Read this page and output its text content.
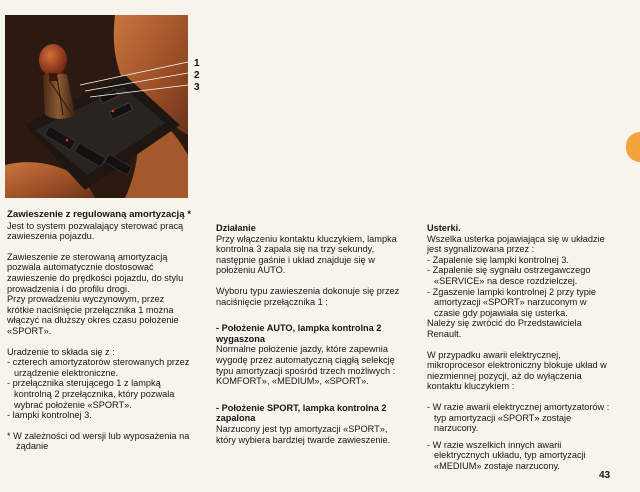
1
2
3

Zawieszenie z regulowaną amortyzacją *

Jest to system pozwalający sterować pracą zawieszenia pojazdu.

Zawieszenie ze sterowaną amortyzacją

pozwala automatycznie dostosować

zawieszenie do prędkości pojazdu, do stylu

prowadzenia i do profilu drogi.

Przy prowadzeniu wyczynowym, przez

krótkie naciśnięcie przełącznika 1 można

włączyć na dłuższy okres czasu położenie

«SPORT».

Uradzenie to składa się z :

- czterech amortyzatorów sterowanych przez urządzenie elektroniczne.

- przełącznika sterującego 1 z lampką kontrolną 2 przełącznika, który pozwala wybrać położenie «SPORT».

- lampki kontrolnej 3.

* W zależności od wersji lub wyposażenia na żądanie

Działanie

Przy włączeniu kontaktu kluczykiem, lampka kontrolna 3 zapala się na trzy sekundy, następnie gaśnie i układ znajduje się w położeniu AUTO.

Wyboru typu zawieszenia dokonuje się przez naciśnięcie przełącznika 1 :

- Położenie AUTO, lampka kontrolna 2 wygaszona

Normalne położenie jazdy, które zapewnia wygodę przez automatyczną ciągłą selekcję typu amortyzacji spośród trzech możliwych : KOMFORT», «MEDIUM», «SPORT».

- Położenie SPORT, lampka kontrolna 2 zapalona

Narzucony jest typ amortyzacji «SPORT», który wybiera bardziej twarde zawieszenie.

Usterki.

Wszelka usterka pojawiająca się w układzie jest sygnalizowana przez :

- Zapalenie się lampki kontrolnej 3.

- Zapalenie się sygnału ostrzegawczego «SERVICE» na desce rozdzielczej.

- Zgaszenie lampki kontrolnej 2 przy typie amortyzacji «SPORT» narzuconym w czasie gdy pojawiała się usterka.

Należy się zwrócić do Przedstawiciela Renault.

W przypadku awarii elektrycznej, mikroprocesor elektroniczny blokuje układ w niezmiennej pozycji, aż do wyłączenia kontaktu kluczykiem :

- W razie awarii elektrycznej amortyzatorów : typ amortyzacji «SPORT» zostaje narzucony.

- W razie wszelkich innych awarii elektrycznych układu, typ amortyzacji «MEDIUM» zostaje narzucony.

43
